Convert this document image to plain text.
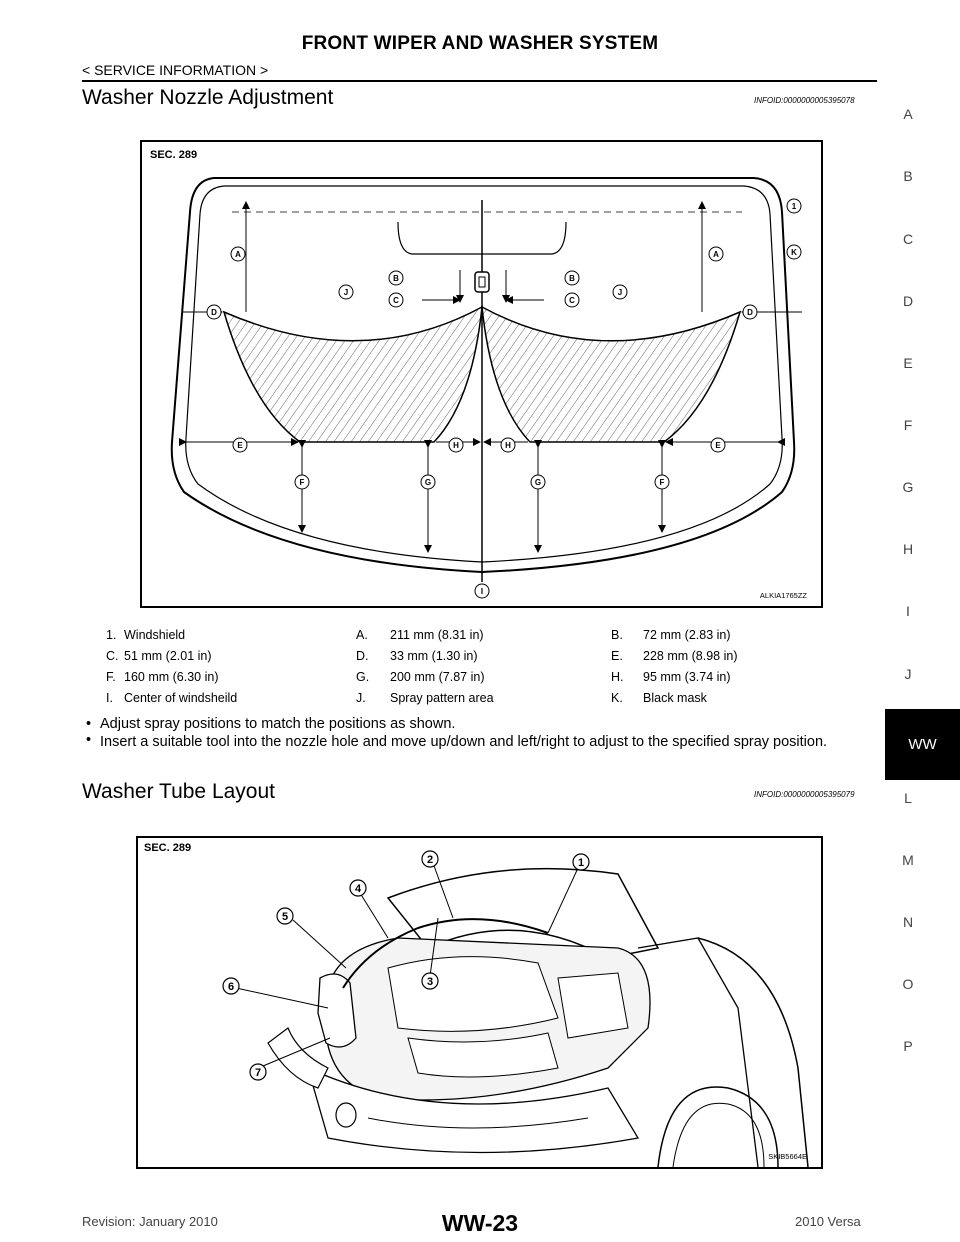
FRONT WIPER AND WASHER SYSTEM
< SERVICE INFORMATION >
A
B
C
D
E
F
G
H
I
J
L
M
N
O
P
WW
Washer Nozzle Adjustment	INFOID:0000000005395078
SEC. 289
A	A
B	B
C	C
D	D
E	E
H	H
F	F
G	G
I
J	J
K
1
ALKIA1765ZZ
1. Windshield	A. 211 mm (8.31 in)	B. 72 mm (2.83 in)
C. 51 mm (2.01 in)	D. 33 mm (1.30 in)	E. 228 mm (8.98 in)
F. 160 mm (6.30 in)	G. 200 mm (7.87 in)	H. 95 mm (3.74 in)
I. Center of windsheild	J. Spray pattern area	K. Black mask
• Adjust spray positions to match the positions as shown.
• Insert a suitable tool into the nozzle hole and move up/down and left/right to adjust to the specified spray position.
Washer Tube Layout	INFOID:0000000005395079
SEC. 289
1
2
3
4
5
6
7
SKIB5664E
WW-23
Revision: January 2010	2010 Versa
